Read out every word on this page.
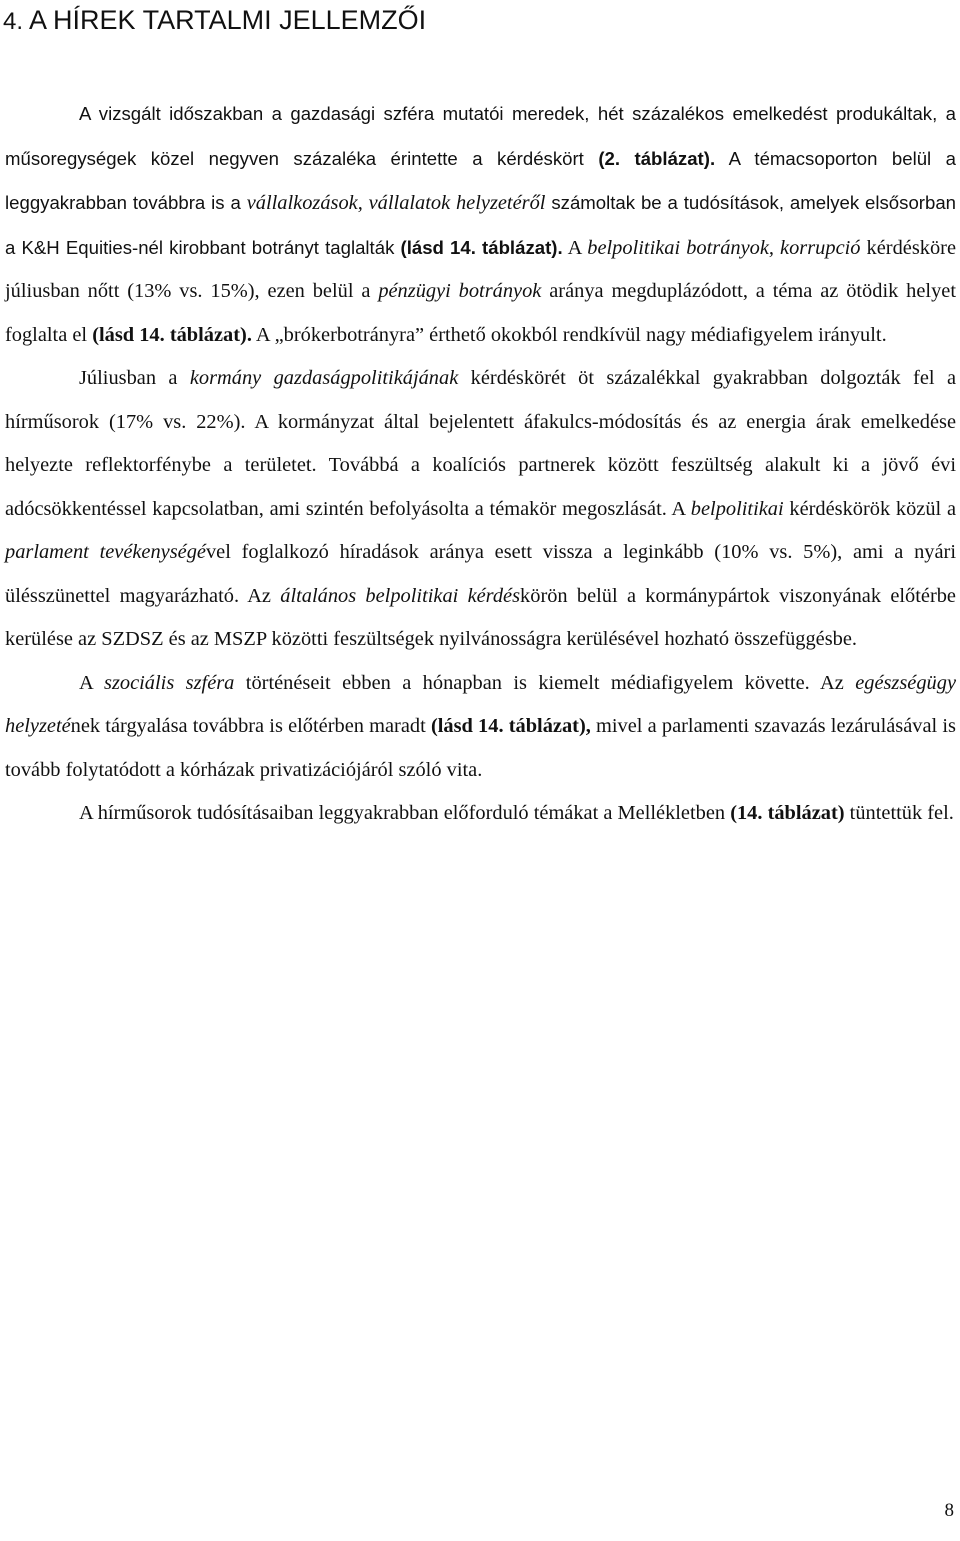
4. A HÍREK TARTALMI JELLEMZŐI

A vizsgált időszakban a gazdasági szféra mutatói meredek, hét százalékos emelkedést produkáltak, a műsoregységek közel negyven százaléka érintette a kérdéskört (2. táblázat). A témacsoporton belül a leggyakrabban továbbra is a vállalkozások, vállalatok helyzetéről számoltak be a tudósítások, amelyek elsősorban a K&H Equities-nél kirobbant botrányt taglalták (lásd 14. táblázat). A belpolitikai botrányok, korrupció kérdésköre júliusban nőtt (13% vs. 15%), ezen belül a pénzügyi botrányok aránya megduplázódott, a téma az ötödik helyet foglalta el (lásd 14. táblázat). A „brókerbotrányra” érthető okokból rendkívül nagy médiafigyelem irányult.

Júliusban a kormány gazdaságpolitikájának kérdéskörét öt százalékkal gyakrabban dolgozták fel a hírműsorok (17% vs. 22%). A kormányzat által bejelentett áfakulcs-módosítás és az energia árak emelkedése helyezte reflektorfénybe a területet. Továbbá a koalíciós partnerek között feszültség alakult ki a jövő évi adócsökkentéssel kapcsolatban, ami szintén befolyásolta a témakör megoszlását. A belpolitikai kérdéskörök közül a parlament tevékenységével foglalkozó híradások aránya esett vissza a leginkább (10% vs. 5%), ami a nyári ülésszünettel magyarázható. Az általános belpolitikai kérdéskörön belül a kormánypártok viszonyának előtérbe kerülése az SZDSZ és az MSZP közötti feszültségek nyilvánosságra kerülésével hozható összefüggésbe.

A szociális szféra történéseit ebben a hónapban is kiemelt médiafigyelem követte. Az egészségügy helyzetének tárgyalása továbbra is előtérben maradt (lásd 14. táblázat), mivel a parlamenti szavazás lezárulásával is tovább folytatódott a kórházak privatizációjáról szóló vita.

A hírműsorok tudósításaiban leggyakrabban előforduló témákat a Mellékletben (14. táblázat) tüntettük fel.

8
